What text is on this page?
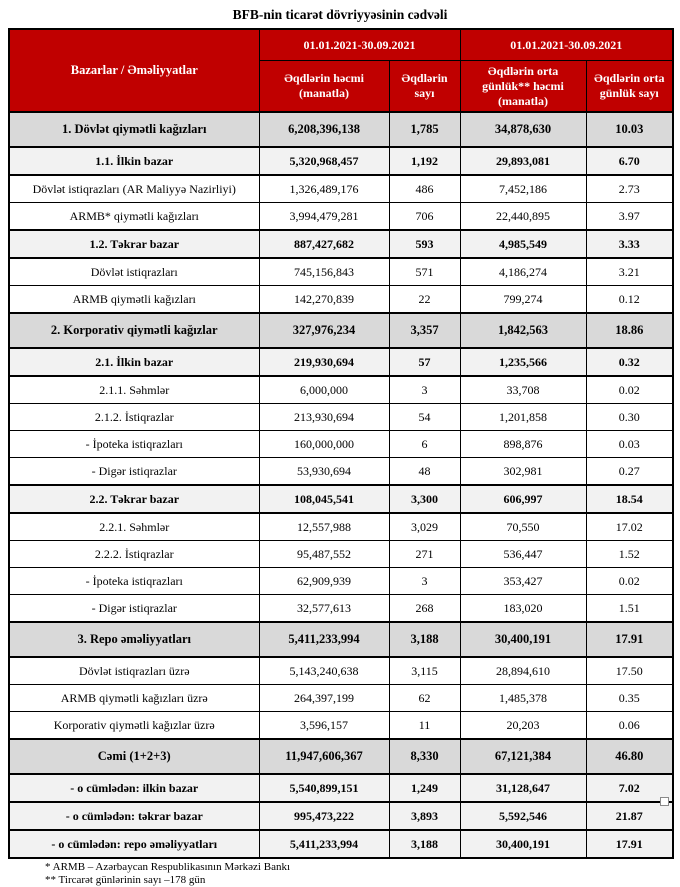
BFB-nin ticarət dövriyyəsinin cədvəli
Bazarlar / Əməliyyatlar	01.01.2021-30.09.2021		01.01.2021-30.09.2021	
	Əqdlərin həcmi (manatla)	Əqdlərin sayı	Əqdlərin orta günlük** həcmi (manatla)	Əqdlərin orta günlük sayı
1. Dövlət qiymətli kağızları	6,208,396,138	1,785	34,878,630	10.03
1.1. İlkin bazar	5,320,968,457	1,192	29,893,081	6.70
Dövlət istiqrazları (AR Maliyyə Nazirliyi)	1,326,489,176	486	7,452,186	2.73
ARMB* qiymətli kağızları	3,994,479,281	706	22,440,895	3.97
1.2. Təkrar bazar	887,427,682	593	4,985,549	3.33
Dövlət istiqrazları	745,156,843	571	4,186,274	3.21
ARMB qiymətli kağızları	142,270,839	22	799,274	0.12
2. Korporativ qiymətli kağızlar	327,976,234	3,357	1,842,563	18.86
2.1. İlkin bazar	219,930,694	57	1,235,566	0.32
2.1.1. Səhmlər	6,000,000	3	33,708	0.02
2.1.2. İstiqrazlar	213,930,694	54	1,201,858	0.30
- İpoteka istiqrazları	160,000,000	6	898,876	0.03
- Digər istiqrazlar	53,930,694	48	302,981	0.27
2.2. Təkrar bazar	108,045,541	3,300	606,997	18.54
2.2.1. Səhmlər	12,557,988	3,029	70,550	17.02
2.2.2. İstiqrazlar	95,487,552	271	536,447	1.52
- İpoteka istiqrazları	62,909,939	3	353,427	0.02
- Digər istiqrazlar	32,577,613	268	183,020	1.51
3. Repo əməliyyatları	5,411,233,994	3,188	30,400,191	17.91
Dövlət istiqrazları üzrə	5,143,240,638	3,115	28,894,610	17.50
ARMB qiymətli kağızları üzrə	264,397,199	62	1,485,378	0.35
Korporativ qiymətli kağızlar üzrə	3,596,157	11	20,203	0.06
Cəmi (1+2+3)	11,947,606,367	8,330	67,121,384	46.80
- o cümlədən: ilkin bazar	5,540,899,151	1,249	31,128,647	7.02
- o cümlədən: təkrar bazar	995,473,222	3,893	5,592,546	21.87
- o cümlədən: repo əməliyyatları	5,411,233,994	3,188	30,400,191	17.91
* ARMB – Azərbaycan Respublikasının Mərkəzi Bankı
** Tircarət günlərinin sayı –178 gün
